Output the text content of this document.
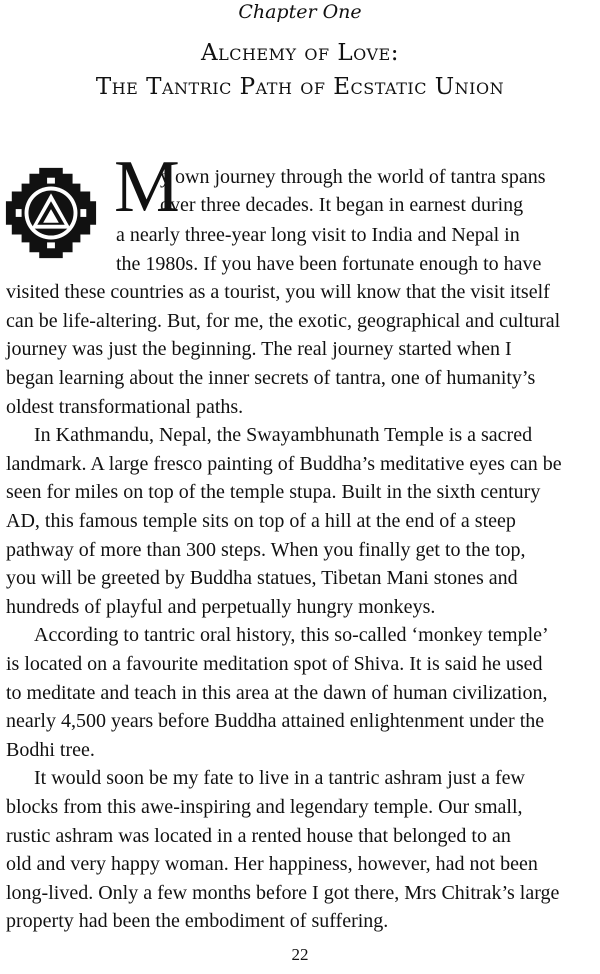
Chapter One
Alchemy of Love:
The Tantric Path of Ecstatic Union
M
y own journey through the world of tantra spans
over three decades. It began in earnest during
a nearly three-year long visit to India and Nepal in
the 1980s. If you have been fortunate enough to have
visited these countries as a tourist, you will know that the visit itself
can be life-altering. But, for me, the exotic, geographical and cultural
journey was just the beginning. The real journey started when I
began learning about the inner secrets of tantra, one of humanity’s
oldest transformational paths.
In Kathmandu, Nepal, the Swayambhunath Temple is a sacred
landmark. A large fresco painting of Buddha’s meditative eyes can be
seen for miles on top of the temple stupa. Built in the sixth century
AD, this famous temple sits on top of a hill at the end of a steep
pathway of more than 300 steps. When you finally get to the top,
you will be greeted by Buddha statues, Tibetan Mani stones and
hundreds of playful and perpetually hungry monkeys.
According to tantric oral history, this so-called ‘monkey temple’
is located on a favourite meditation spot of Shiva. It is said he used
to meditate and teach in this area at the dawn of human civilization,
nearly 4,500 years before Buddha attained enlightenment under the
Bodhi tree.
It would soon be my fate to live in a tantric ashram just a few
blocks from this awe-inspiring and legendary temple. Our small,
rustic ashram was located in a rented house that belonged to an
old and very happy woman. Her happiness, however, had not been
long-lived. Only a few months before I got there, Mrs Chitrak’s large
22
property had been the embodiment of suffering.
